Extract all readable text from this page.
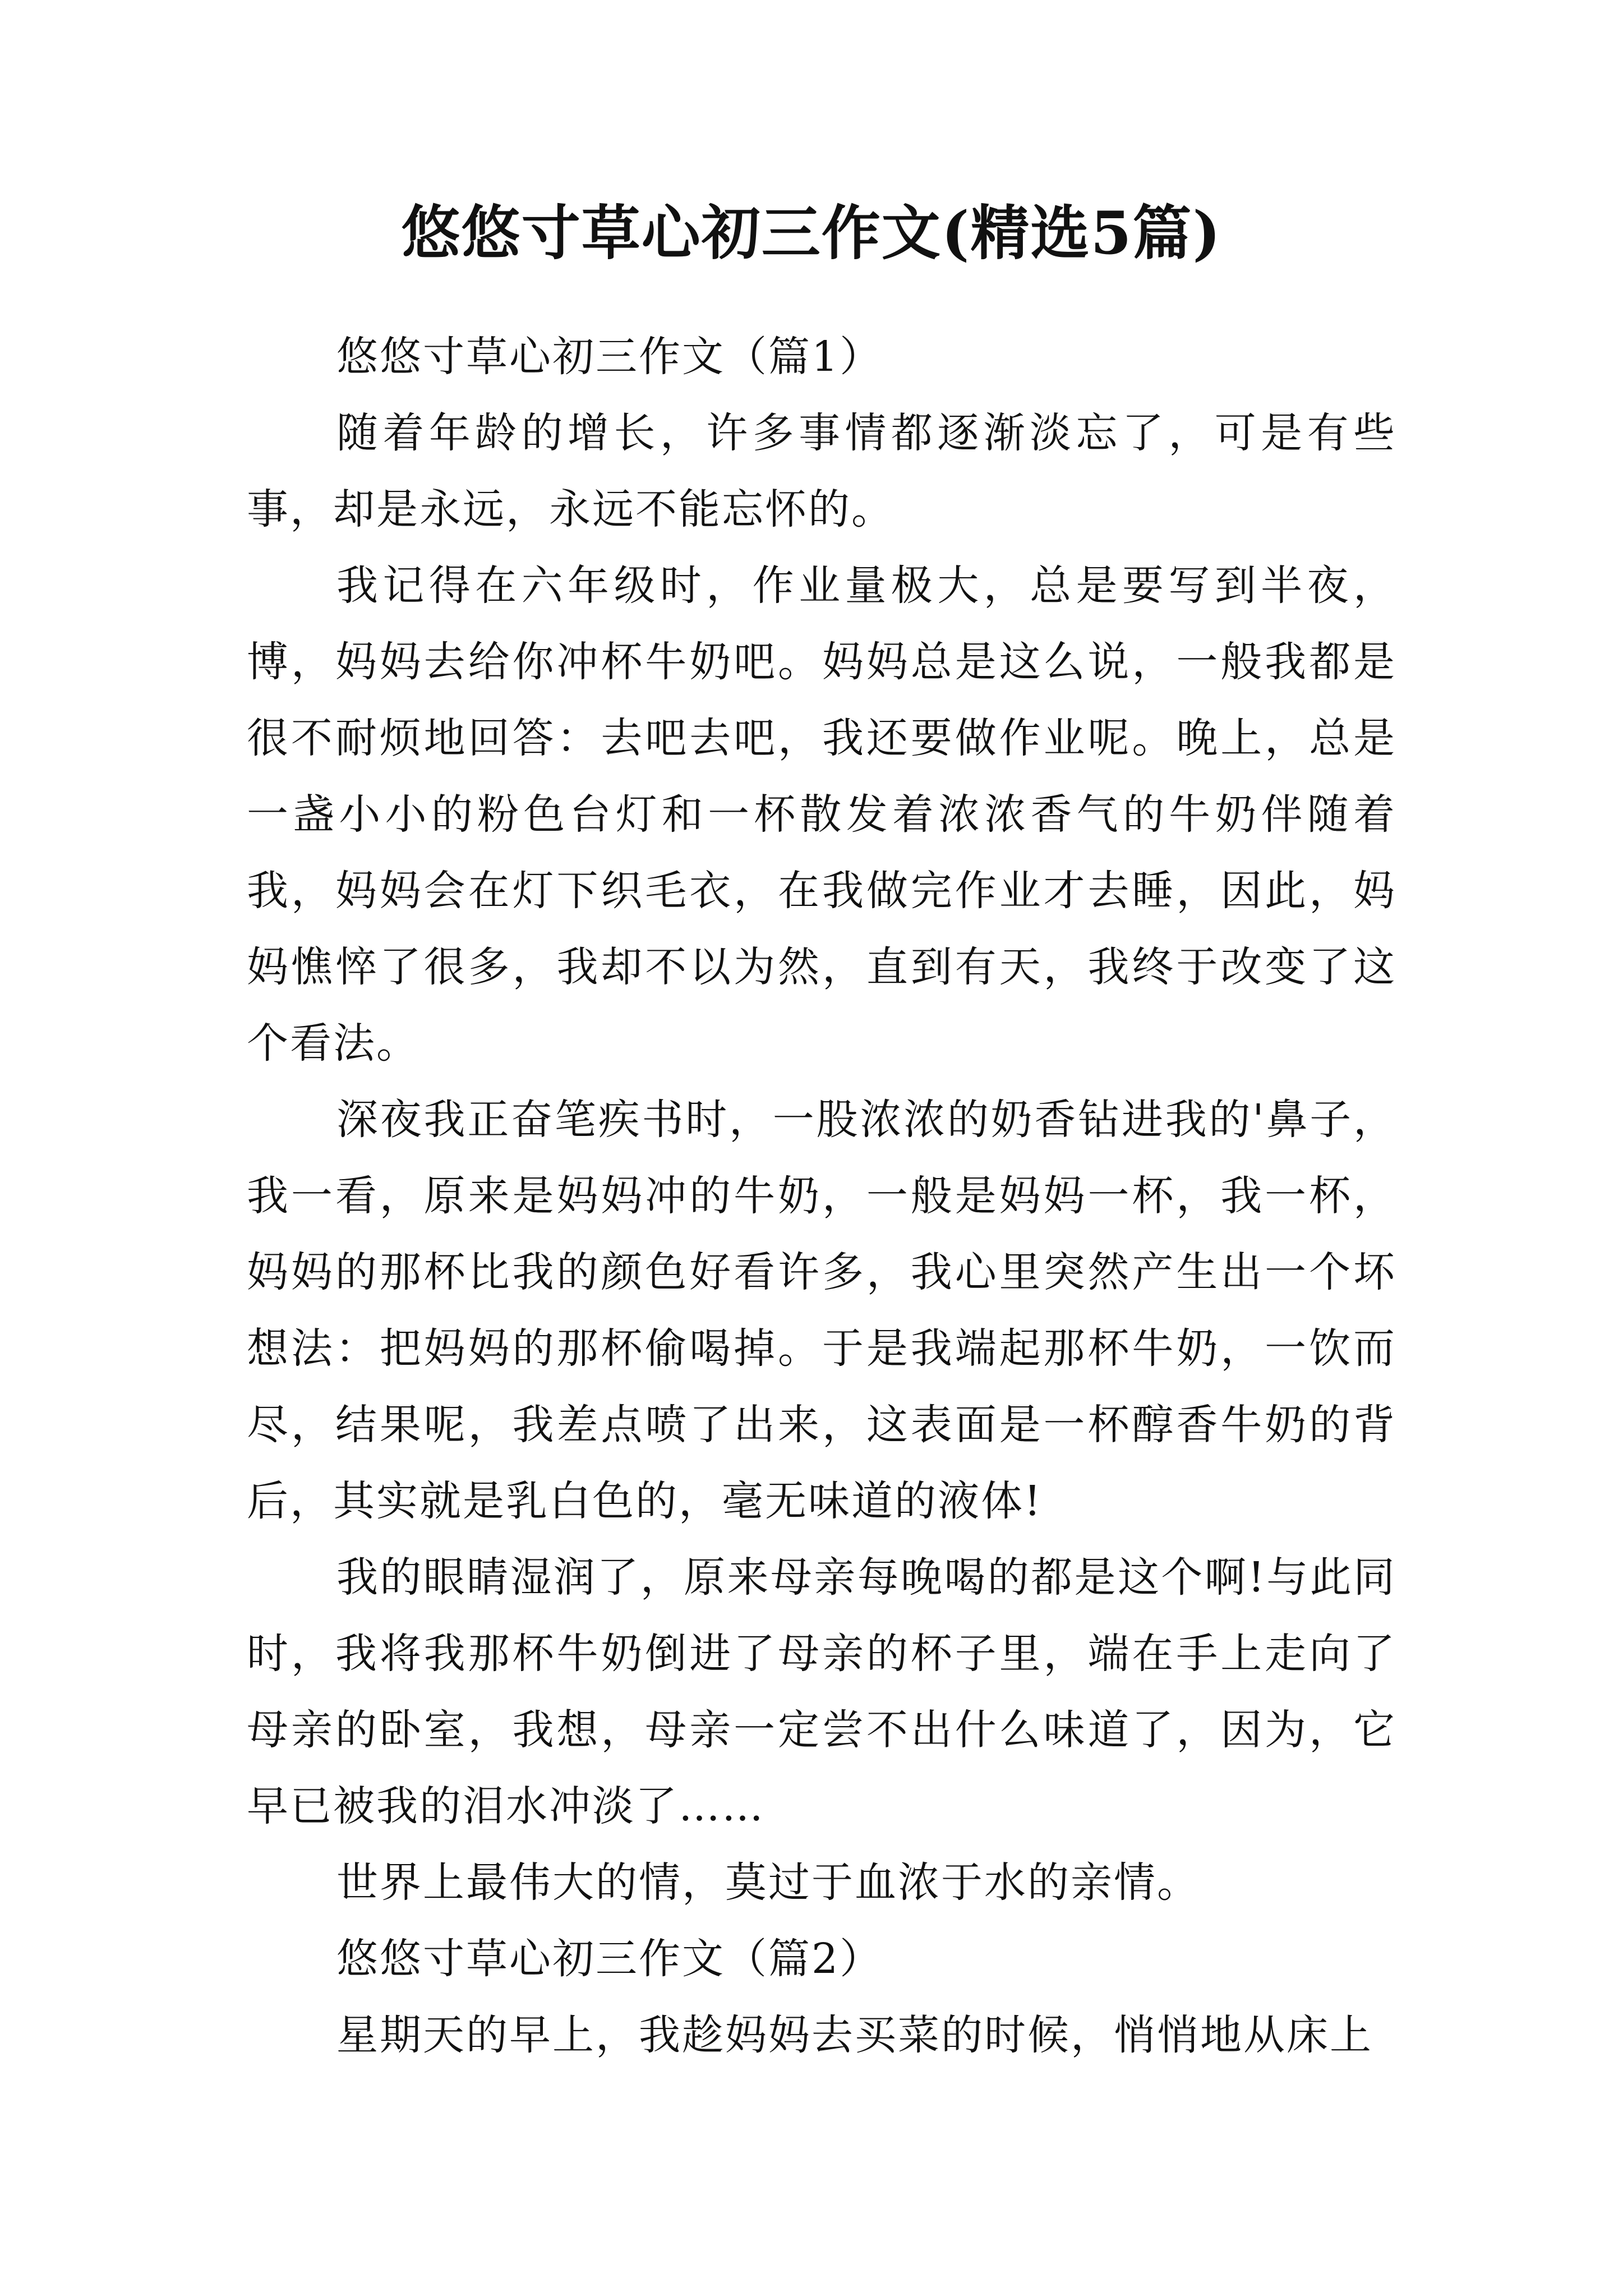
悠悠寸草心初三作文(精选5篇)

悠悠寸草心初三作文（篇1）

随着年龄的增长，许多事情都逐渐淡忘了，可是有些事，却是永远，永远不能忘怀的。

我记得在六年级时，作业量极大，总是要写到半夜，博，妈妈去给你冲杯牛奶吧。妈妈总是这么说，一般我都是很不耐烦地回答：去吧去吧，我还要做作业呢。晚上，总是一盏小小的粉色台灯和一杯散发着浓浓香气的牛奶伴随着我，妈妈会在灯下织毛衣，在我做完作业才去睡，因此，妈妈憔悴了很多，我却不以为然，直到有天，我终于改变了这个看法。

深夜我正奋笔疾书时，一股浓浓的奶香钻进我的'鼻子，我一看，原来是妈妈冲的牛奶，一般是妈妈一杯，我一杯，妈妈的那杯比我的颜色好看许多，我心里突然产生出一个坏想法：把妈妈的那杯偷喝掉。于是我端起那杯牛奶，一饮而尽，结果呢，我差点喷了出来，这表面是一杯醇香牛奶的背后，其实就是乳白色的，毫无味道的液体!

我的眼睛湿润了，原来母亲每晚喝的都是这个啊!与此同时，我将我那杯牛奶倒进了母亲的杯子里，端在手上走向了母亲的卧室，我想，母亲一定尝不出什么味道了，因为，它早已被我的泪水冲淡了……

世界上最伟大的情，莫过于血浓于水的亲情。

悠悠寸草心初三作文（篇2）

星期天的早上，我趁妈妈去买菜的时候，悄悄地从床上
